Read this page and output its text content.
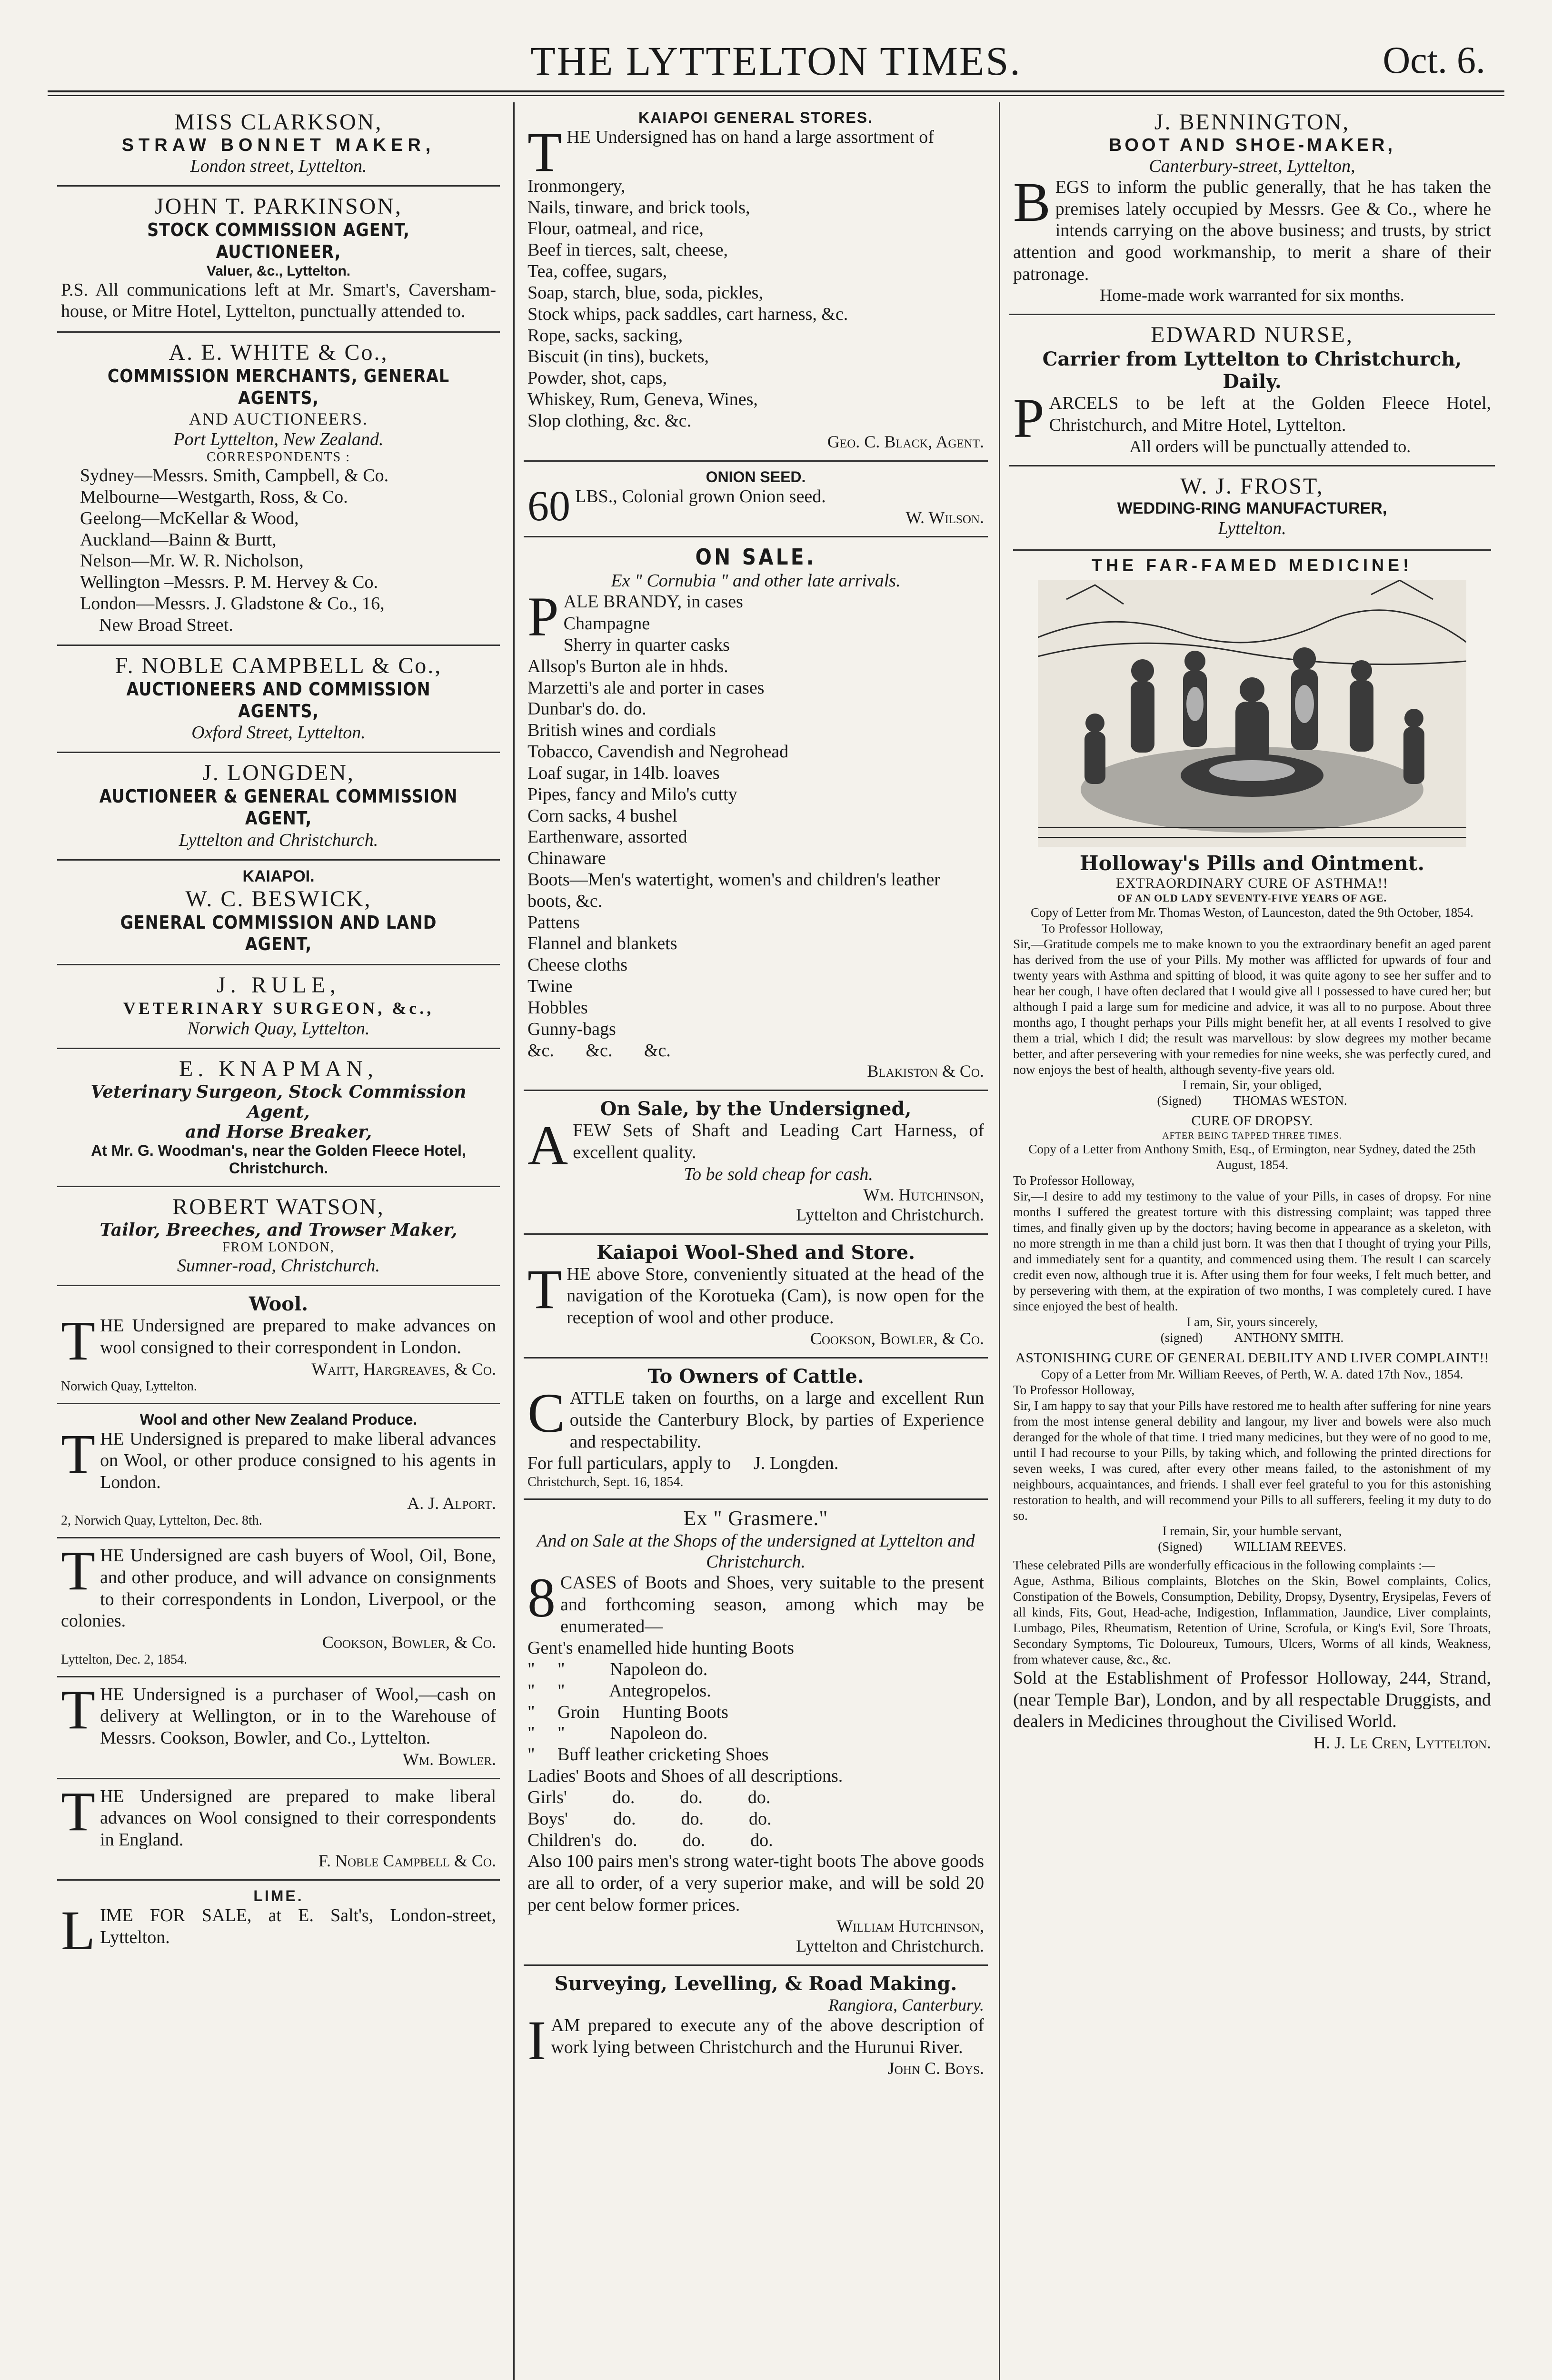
THE LYTTELTON TIMES.	Oct. 6.
MISS CLARKSON,
STRAW BONNET MAKER,
London street, Lyttelton.
JOHN T. PARKINSON,
STOCK COMMISSION AGENT, AUCTIONEER,
Valuer, &c., Lyttelton.
P.S. All communications left at Mr. Smart's, Caversham-house, or Mitre Hotel, Lyttelton, punctually attended to.
A. E. WHITE & Co.,
COMMISSION MERCHANTS, GENERAL AGENTS,
AND AUCTIONEERS.
Port Lyttelton, New Zealand.
CORRESPONDENTS :
Sydney—Messrs. Smith, Campbell, & Co.
Melbourne—Westgarth, Ross, & Co.
Geelong—McKellar & Wood,
Auckland—Bainn & Burtt,
Nelson—Mr. W. R. Nicholson,
Wellington –Messrs. P. M. Hervey & Co.
London—Messrs. J. Gladstone & Co., 16,
New Broad Street.
F. NOBLE CAMPBELL & Co.,
AUCTIONEERS AND COMMISSION AGENTS,
Oxford Street, Lyttelton.
J. LONGDEN,
AUCTIONEER & GENERAL COMMISSION AGENT,
Lyttelton and Christchurch.
KAIAPOI.
W. C. BESWICK,
GENERAL COMMISSION AND LAND AGENT,
J. RULE,
VETERINARY SURGEON, &c.,
Norwich Quay, Lyttelton.
E. KNAPMAN,
Veterinary Surgeon, Stock Commission Agent,
and Horse Breaker,
At Mr. G. Woodman's, near the Golden Fleece Hotel, Christchurch.
ROBERT WATSON,
Tailor, Breeches, and Trowser Maker,
FROM LONDON,
Sumner-road, Christchurch.
Wool.
THE Undersigned are prepared to make advances on wool consigned to their correspondent in London.
Waitt, Hargreaves, & Co.
Norwich Quay, Lyttelton.
Wool and other New Zealand Produce.
THE Undersigned is prepared to make liberal advances on Wool, or other produce consigned to his agents in London.
A. J. Alport.
2, Norwich Quay, Lyttelton, Dec. 8th.
THE Undersigned are cash buyers of Wool, Oil, Bone, and other produce, and will advance on consignments to their correspondents in London, Liverpool, or the colonies.
Cookson, Bowler, & Co.
Lyttelton, Dec. 2, 1854.
THE Undersigned is a purchaser of Wool,—cash on delivery at Wellington, or in to the Warehouse of Messrs. Cookson, Bowler, and Co., Lyttelton.
Wm. Bowler.
THE Undersigned are prepared to make liberal advances on Wool consigned to their correspondents in England.
F. Noble Campbell & Co.
LIME.
LIME FOR SALE, at E. Salt's, London-street, Lyttelton.
KAIAPOI GENERAL STORES.
THE Undersigned has on hand a large assortment of
Ironmongery,
Nails, tinware, and brick tools,
Flour, oatmeal, and rice,
Beef in tierces, salt, cheese,
Tea, coffee, sugars,
Soap, starch, blue, soda, pickles,
Stock whips, pack saddles, cart harness, &c.
Rope, sacks, sacking,
Biscuit (in tins), buckets,
Powder, shot, caps,
Whiskey, Rum, Geneva, Wines,
Slop clothing, &c. &c.
Geo. C. Black, Agent.
ONION SEED.
60 LBS., Colonial grown Onion seed.
W. Wilson.
ON SALE.
Ex " Cornubia " and other late arrivals.
PALE BRANDY, in cases
Champagne
Sherry in quarter casks
Allsop's Burton ale in hhds.
Marzetti's ale and porter in cases
Dunbar's do. do.
British wines and cordials
Tobacco, Cavendish and Negrohead
Loaf sugar, in 14lb. loaves
Pipes, fancy and Milo's cutty
Corn sacks, 4 bushel
Earthenware, assorted
Chinaware
Boots—Men's watertight, women's and children's leather boots, &c.
Pattens
Flannel and blankets
Cheese cloths
Twine
Hobbles
Gunny-bags
&c.       &c.       &c.
Blakiston & Co.
On Sale, by the Undersigned,
AFEW Sets of Shaft and Leading Cart Harness, of excellent quality.
To be sold cheap for cash.
Wm. Hutchinson,
Lyttelton and Christchurch.
Kaiapoi Wool-Shed and Store.
THE above Store, conveniently situated at the head of the navigation of the Korotueka (Cam), is now open for the reception of wool and other produce.
Cookson, Bowler, & Co.
To Owners of Cattle.
CATTLE taken on fourths, on a large and excellent Run outside the Canterbury Block, by parties of Experience and respectability.
For full particulars, apply to     J. Longden.
Christchurch, Sept. 16, 1854.
Ex " Grasmere."
And on Sale at the Shops of the undersigned at Lyttelton and Christchurch.
8 CASES of Boots and Shoes, very suitable to the present and forthcoming season, among which may be enumerated—
Gent's enamelled hide hunting Boots
"     "          Napoleon do.
"     "          Antegropelos.
"     Groin     Hunting Boots
"     "          Napoleon do.
"     Buff leather cricketing Shoes
Ladies' Boots and Shoes of all descriptions.
Girls'          do.          do.          do.
Boys'          do.          do.          do.
Children's   do.          do.          do.
Also 100 pairs men's strong water-tight boots The above goods are all to order, of a very superior make, and will be sold 20 per cent below former prices.
William Hutchinson,
Lyttelton and Christchurch.
Surveying, Levelling, & Road Making.
Rangiora, Canterbury.
IAM prepared to execute any of the above description of work lying between Christchurch and the Hurunui River.
John C. Boys.
J. BENNINGTON,
BOOT AND SHOE-MAKER,
Canterbury-street, Lyttelton,
BEGS to inform the public generally, that he has taken the premises lately occupied by Messrs. Gee & Co., where he intends carrying on the above business; and trusts, by strict attention and good workmanship, to merit a share of their patronage.
Home-made work warranted for six months.
EDWARD NURSE,
Carrier from Lyttelton to Christchurch, Daily.
PARCELS to be left at the Golden Fleece Hotel, Christchurch, and Mitre Hotel, Lyttelton.
All orders will be punctually attended to.
W. J. FROST,
WEDDING-RING MANUFACTURER,
Lyttelton.
THE FAR-FAMED MEDICINE!
Holloway's Pills and Ointment.
EXTRAORDINARY CURE OF ASTHMA!!
OF AN OLD LADY SEVENTY-FIVE YEARS OF AGE.
Copy of Letter from Mr. Thomas Weston, of Launceston, dated the 9th October, 1854.
To Professor Holloway,
Sir,—Gratitude compels me to make known to you the extraordinary benefit an aged parent has derived from the use of your Pills. My mother was afflicted for upwards of four and twenty years with Asthma and spitting of blood, it was quite agony to see her suffer and to hear her cough, I have often declared that I would give all I possessed to have cured her; but although I paid a large sum for medicine and advice, it was all to no purpose. About three months ago, I thought perhaps your Pills might benefit her, at all events I resolved to give them a trial, which I did; the result was marvellous: by slow degrees my mother became better, and after persevering with your remedies for nine weeks, she was perfectly cured, and now enjoys the best of health, although seventy-five years old.
I remain, Sir, your obliged,
(Signed)          THOMAS WESTON.
CURE OF DROPSY.
AFTER BEING TAPPED THREE TIMES.
Copy of a Letter from Anthony Smith, Esq., of Ermington, near Sydney, dated the 25th August, 1854.
To Professor Holloway,
Sir,—I desire to add my testimony to the value of your Pills, in cases of dropsy. For nine months I suffered the greatest torture with this distressing complaint; was tapped three times, and finally given up by the doctors; having become in appearance as a skeleton, with no more strength in me than a child just born. It was then that I thought of trying your Pills, and immediately sent for a quantity, and commenced using them. The result I can scarcely credit even now, although true it is. After using them for four weeks, I felt much better, and by persevering with them, at the expiration of two months, I was completely cured. I have since enjoyed the best of health.
I am, Sir, yours sincerely,
(signed)          ANTHONY SMITH.
ASTONISHING CURE OF GENERAL DEBILITY AND LIVER COMPLAINT!!
Copy of a Letter from Mr. William Reeves, of Perth, W. A. dated 17th Nov., 1854.
To Professor Holloway,
Sir, I am happy to say that your Pills have restored me to health after suffering for nine years from the most intense general debility and langour, my liver and bowels were also much deranged for the whole of that time. I tried many medicines, but they were of no good to me, until I had recourse to your Pills, by taking which, and following the printed directions for seven weeks, I was cured, after every other means failed, to the astonishment of my neighbours, acquaintances, and friends. I shall ever feel grateful to you for this astonishing restoration to health, and will recommend your Pills to all sufferers, feeling it my duty to do so.
I remain, Sir, your humble servant,
(Signed)          WILLIAM REEVES.
These celebrated Pills are wonderfully efficacious in the following complaints :—
Ague, Asthma, Bilious complaints, Blotches on the Skin, Bowel complaints, Colics, Constipation of the Bowels, Consumption, Debility, Dropsy, Dysentry, Erysipelas, Fevers of all kinds, Fits, Gout, Head-ache, Indigestion, Inflammation, Jaundice, Liver complaints, Lumbago, Piles, Rheumatism, Retention of Urine, Scrofula, or King's Evil, Sore Throats, Secondary Symptoms, Tic Doloureux, Tumours, Ulcers, Worms of all kinds, Weakness, from whatever cause, &c., &c.
Sold at the Establishment of Professor Holloway, 244, Strand, (near Temple Bar), London, and by all respectable Druggists, and dealers in Medicines throughout the Civilised World.
H. J. Le Cren, Lyttelton.
